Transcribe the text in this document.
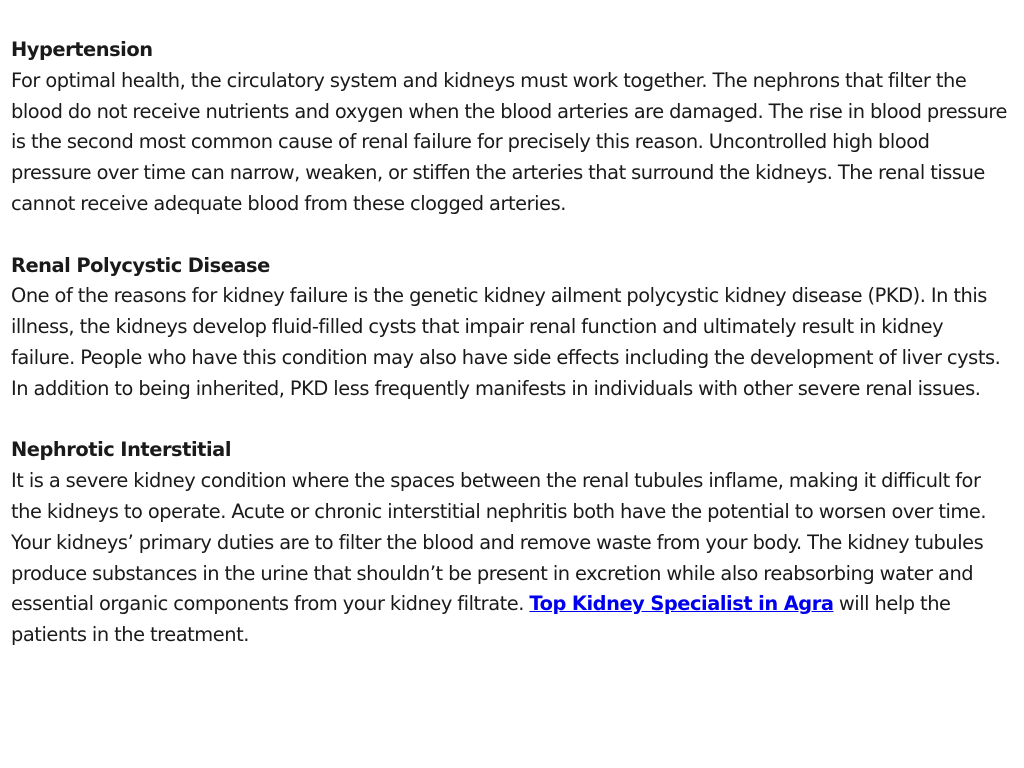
Hypertension

For optimal health, the circulatory system and kidneys must work together. The nephrons that filter the blood do not receive nutrients and oxygen when the blood arteries are damaged. The rise in blood pressure is the second most common cause of renal failure for precisely this reason. Uncontrolled high blood pressure over time can narrow, weaken, or stiffen the arteries that surround the kidneys. The renal tissue cannot receive adequate blood from these clogged arteries.

Renal Polycystic Disease

One of the reasons for kidney failure is the genetic kidney ailment polycystic kidney disease (PKD). In this illness, the kidneys develop fluid-filled cysts that impair renal function and ultimately result in kidney failure. People who have this condition may also have side effects including the development of liver cysts. In addition to being inherited, PKD less frequently manifests in individuals with other severe renal issues.

Nephrotic Interstitial

It is a severe kidney condition where the spaces between the renal tubules inflame, making it difficult for the kidneys to operate. Acute or chronic interstitial nephritis both have the potential to worsen over time. Your kidneys’ primary duties are to filter the blood and remove waste from your body. The kidney tubules produce substances in the urine that shouldn’t be present in excretion while also reabsorbing water and essential organic components from your kidney filtrate. Top Kidney Specialist in Agra will help the patients in the treatment.
